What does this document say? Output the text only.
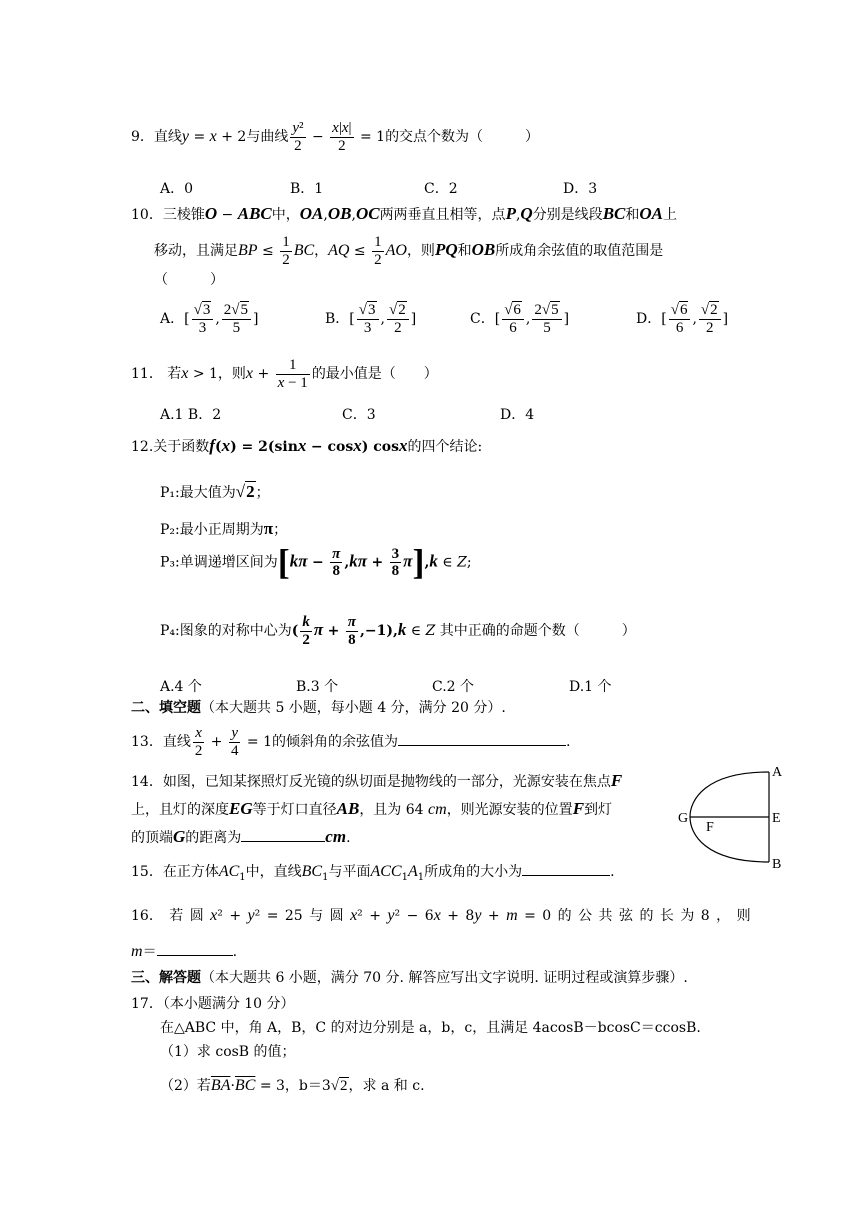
9．直线y = x + 2与曲线 $\frac{\text{y²}}{2} - \frac{x|x|}{2} = 1$的交点个数为（　　　）
A．0	B．1	C．2	D．3
10．三棱锥O − ABC中，OA,OB,OC两两垂直且相等，点P,Q分别是线段BC和OA上
移动，且满足BP ≤ $\frac{1}{2}$ BC，AQ ≤ $\frac{1}{2}$ AO，则PQ和OB所成角余弦值的取值范围是
（　　　）
A．[ $\frac{√3}{3}$ , $\frac{2√5}{5}$ ]	B．[ $\frac{√3}{3}$ , $\frac{√2}{2}$ ]	C．[ $\frac{√6}{6}$ , $\frac{2√5}{5}$ ]	D．[ $\frac{√6}{6}$ , $\frac{√2}{2}$ ]
11． 若x > 1，则$x + \frac{1}{x - 1}$ 的最小值是（　　）
A.1 B．2	C．3	D．4
12.关于函数f(x) = 2(sinx − cosx) cosx的四个结论:
P₁:最大值为√2；
P₂:最小正周期为π；
P₃:单调递增区间为$[k\pi - \frac{\pi}{8} ,k\pi + \frac{3}{8} \pi],k$ ∈ Z;
P₄:图象的对称中心为( $\frac{k}{2}$ $\pi + \frac{\pi}{8} ,-1),k$ ∈ Z 其中正确的命题个数（　　　）
A.4 个	B.3 个	C.2 个	D.1 个
二、填空题（本大题共 5 小题，每小题 4 分，满分 20 分）.
13．直线 $\frac{x}{2} + \frac{y}{4} = 1$的倾斜角的余弦值为	.
14．如图，已知某探照灯反光镜的纵切面是抛物线的一部分，光源安装在焦点F
上，且灯的深度EG等于灯口直径AB，且为 64 cm，则光源安装的位置F到灯
的顶端G的距离为	cm.
A
E
B
G
F
15．在正方体$AC_1$中，直线$BC_1$与平面$ACC_1A_1$所成角的大小为	.
16． 若 圆 x² + y² = 25 与 圆 x² + y² − 6x + 8y + m = 0 的 公 共 弦 的 长 为 8 ， 则
m＝	.
三、解答题（本大题共 6 小题，满分 70 分. 解答应写出文字说明. 证明过程或演算步骤）.
17．（本小题满分 10 分）
在△ABC 中，角 A，B，C 的对边分别是 a，b，c，且满足 4acosB－bcosC＝ccosB.
（1）求 cosB 的值；
（2）若$\overline{BA}\cdot\overline{BC} = 3$，b＝3√2，求 a 和 c.
